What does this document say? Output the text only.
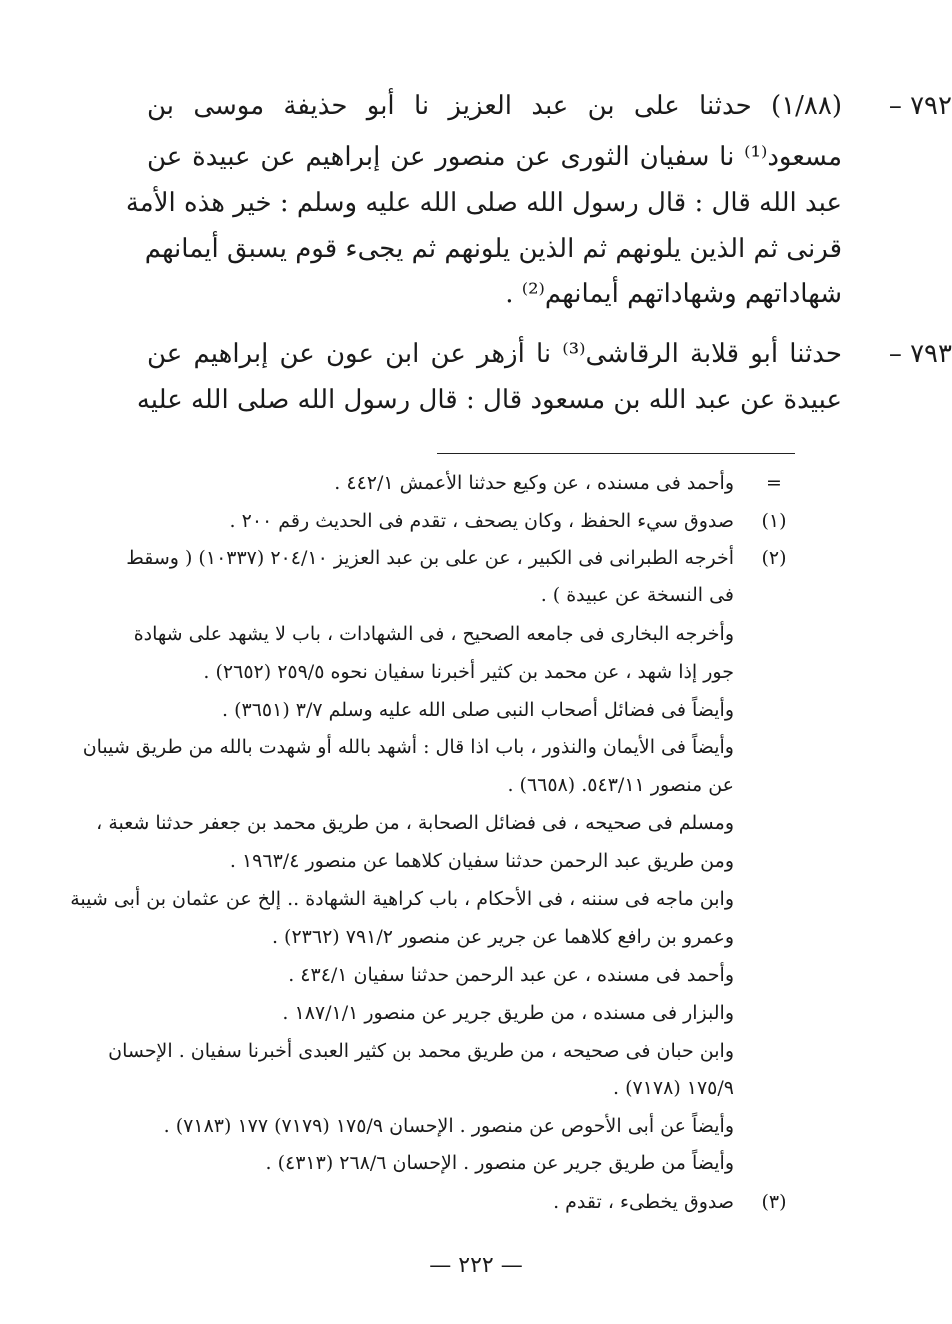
٧٩٢ –
(١/٨٨) حدثنا على بن عبد العزيز نا أبو حذيفة موسى بن
مسعود⁽¹⁾ نا سفيان الثورى عن منصور عن إبراهيم عن عبيدة عن
عبد الله قال : قال رسول الله صلى الله عليه وسلم : خير هذه الأمة
قرنى ثم الذين يلونهم ثم الذين يلونهم ثم يجىء قوم يسبق أيمانهم
شهاداتهم وشهاداتهم أيمانهم⁽²⁾ .
٧٩٣ –
حدثنا أبو قلابة الرقاشى⁽³⁾ نا أزهر عن ابن عون عن إبراهيم عن
عبيدة عن عبد الله بن مسعود قال : قال رسول الله صلى الله عليه
=
وأحمد فى مسنده ، عن وكيع حدثنا الأعمش ٤٤٢/١ .
(١)
صدوق سيء الحفظ ، وكان يصحف ، تقدم فى الحديث رقم ٢٠٠ .
(٢)
أخرجه الطبرانى فى الكبير ، عن على بن عبد العزيز ٢٠٤/١٠ (١٠٣٣٧) ( وسقط
فى النسخة عن عبيدة ) .
وأخرجه البخارى فى جامعه الصحيح ، فى الشهادات ، باب لا يشهد على شهادة
جور إذا شهد ، عن محمد بن كثير أخبرنا سفيان نحوه ٢٥٩/٥ (٢٦٥٢) .
وأيضاً فى فضائل أصحاب النبى صلى الله عليه وسلم ٣/٧ (٣٦٥١) .
وأيضاً فى الأيمان والنذور ، باب اذا قال : أشهد بالله أو شهدت بالله من طريق شيبان
عن منصور ٥٤٣/١١. (٦٦٥٨) .
ومسلم فى صحيحه ، فى فضائل الصحابة ، من طريق محمد بن جعفر حدثنا شعبة ،
ومن طريق عبد الرحمن حدثنا سفيان كلاهما عن منصور ١٩٦٣/٤ .
وابن ماجه فى سننه ، فى الأحكام ، باب كراهية الشهادة .. إلخ عن عثمان بن أبى شيبة
وعمرو بن رافع كلاهما عن جرير عن منصور ٧٩١/٢ (٢٣٦٢) .
وأحمد فى مسنده ، عن عبد الرحمن حدثنا سفيان ٤٣٤/١ .
والبزار فى مسنده ، من طريق جرير عن منصور ١٨٧/١/١ .
وابن حبان فى صحيحه ، من طريق محمد بن كثير العبدى أخبرنا سفيان . الإحسان
١٧٥/٩ (٧١٧٨) .
وأيضاً عن أبى الأحوص عن منصور . الإحسان ١٧٥/٩ (٧١٧٩) ١٧٧ (٧١٨٣) .
وأيضاً من طريق جرير عن منصور . الإحسان ٢٦٨/٦ (٤٣١٣) .
(٣)
صدوق يخطىء ، تقدم .
— ٢٢٢ —
